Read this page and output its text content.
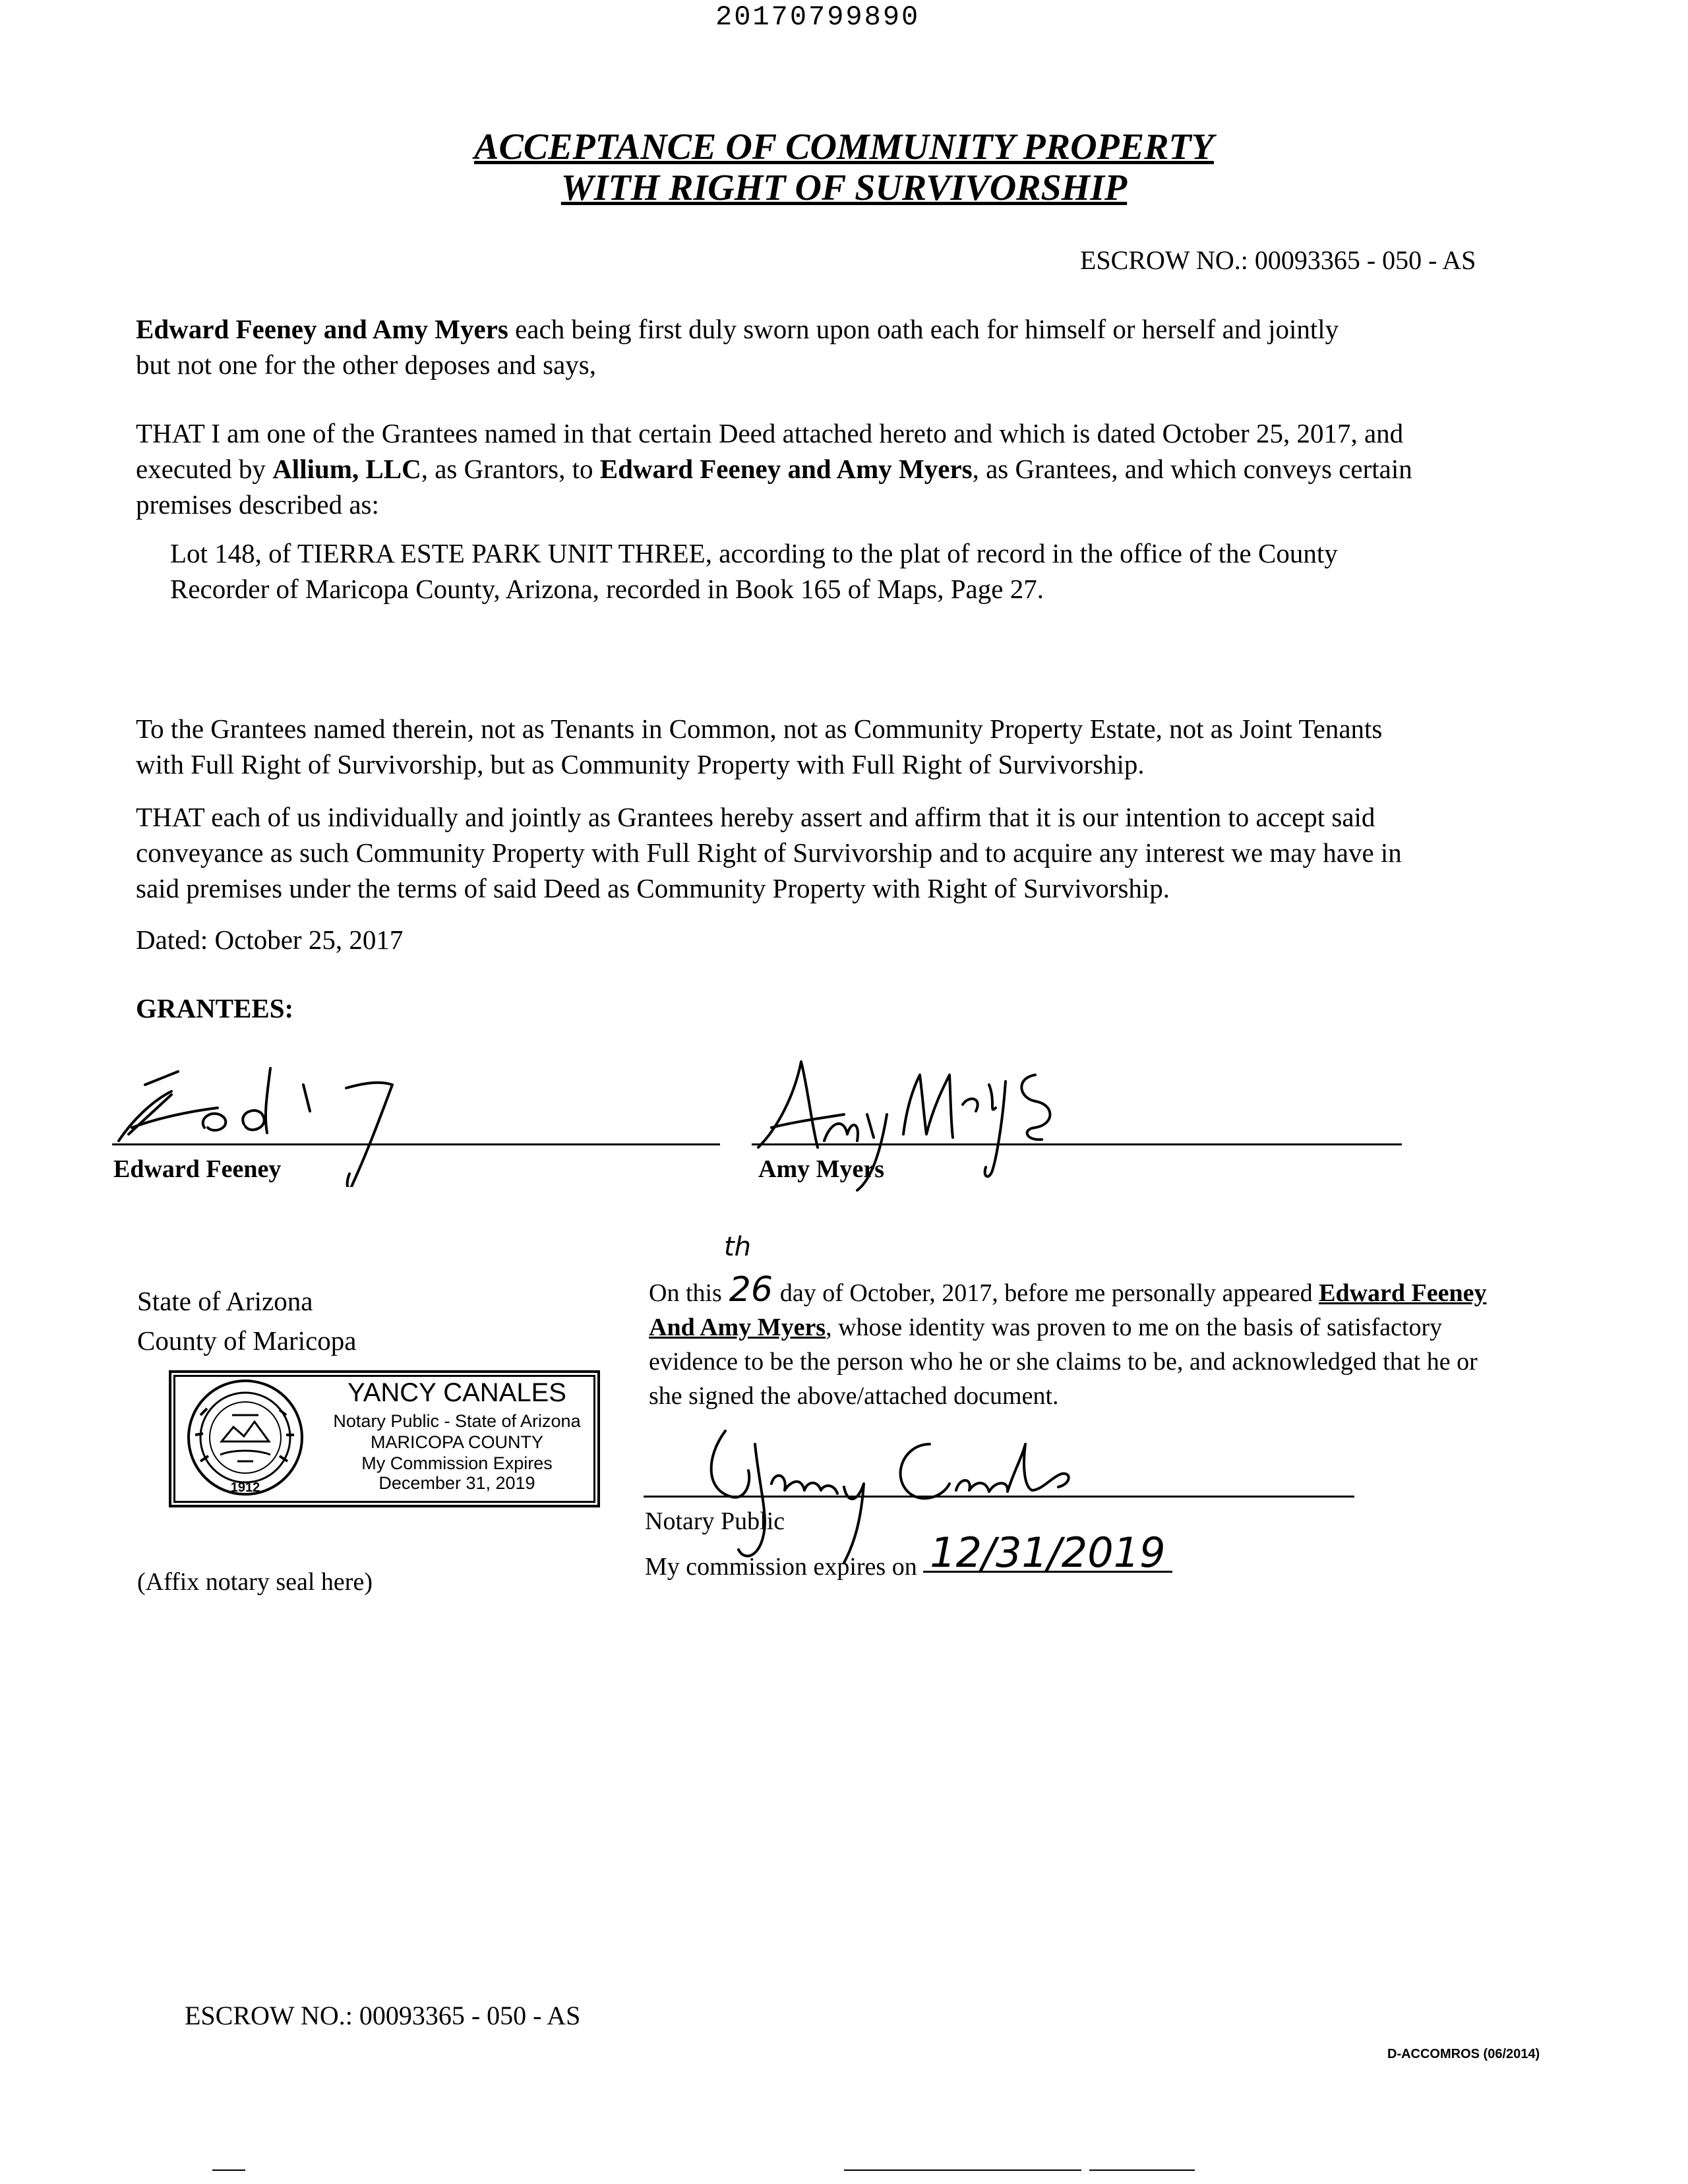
20170799890
ACCEPTANCE OF COMMUNITY PROPERTY
WITH RIGHT OF SURVIVORSHIP
ESCROW NO.: 00093365 - 050 - AS
Edward Feeney and Amy Myers each being first duly sworn upon oath each for himself or herself and jointly
but not one for the other deposes and says,
THAT I am one of the Grantees named in that certain Deed attached hereto and which is dated October 25, 2017, and
executed by Allium, LLC, as Grantors, to Edward Feeney and Amy Myers, as Grantees, and which conveys certain
premises described as:
Lot 148, of TIERRA ESTE PARK UNIT THREE, according to the plat of record in the office of the County
Recorder of Maricopa County, Arizona, recorded in Book 165 of Maps, Page 27.
To the Grantees named therein, not as Tenants in Common, not as Community Property Estate, not as Joint Tenants
with Full Right of Survivorship, but as Community Property with Full Right of Survivorship.
THAT each of us individually and jointly as Grantees hereby assert and affirm that it is our intention to accept said
conveyance as such Community Property with Full Right of Survivorship and to acquire any interest we may have in
said premises under the terms of said Deed as Community Property with Right of Survivorship.
Dated: October 25, 2017
GRANTEES:
Edward Feeney	Amy Myers
State of Arizona
County of Maricopa
1912
YANCY CANALES
Notary Public - State of Arizona
MARICOPA COUNTY
My Commission Expires
December 31, 2019
(Affix notary seal here)
On this 26 day of October, 2017, before me personally appeared Edward Feeney
And Amy Myers, whose identity was proven to me on the basis of satisfactory
evidence to be the person who he or she claims to be, and acknowledged that he or
she signed the above/attached document.
th
Notary Public
My commission expires on 12/31/2019
ESCROW NO.: 00093365 - 050 - AS
D-ACCOMROS (06/2014)
